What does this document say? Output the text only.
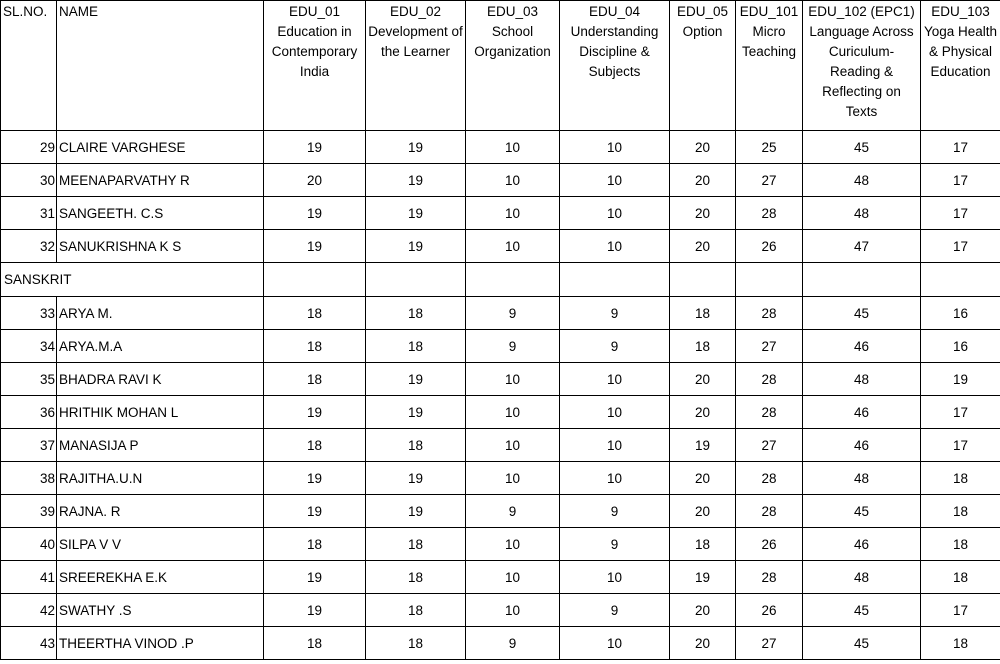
SL.NO.	NAME	EDU_01 Education in Contemporary India	EDU_02 Development of the Learner	EDU_03 School Organization	EDU_04 Understanding Discipline & Subjects	EDU_05 Option	EDU_101 Micro Teaching	EDU_102 (EPC1) Language Across Curiculum- Reading & Reflecting on Texts	EDU_103 Yoga Health & Physical Education
29	CLAIRE VARGHESE	19	19	10	10	20	25	45	17
30	MEENAPARVATHY R	20	19	10	10	20	27	48	17
31	SANGEETH. C.S	19	19	10	10	20	28	48	17
32	SANUKRISHNA K S	19	19	10	10	20	26	47	17
SANSKRIT									
33	ARYA M.	18	18	9	9	18	28	45	16
34	ARYA.M.A	18	18	9	9	18	27	46	16
35	BHADRA RAVI K	18	19	10	10	20	28	48	19
36	HRITHIK MOHAN L	19	19	10	10	20	28	46	17
37	MANASIJA P	18	18	10	10	19	27	46	17
38	RAJITHA.U.N	19	19	10	10	20	28	48	18
39	RAJNA. R	19	19	9	9	20	28	45	18
40	SILPA V V	18	18	10	9	18	26	46	18
41	SREEREKHA E.K	19	18	10	10	19	28	48	18
42	SWATHY .S	19	18	10	9	20	26	45	17
43	THEERTHA VINOD .P	18	18	9	10	20	27	45	18
